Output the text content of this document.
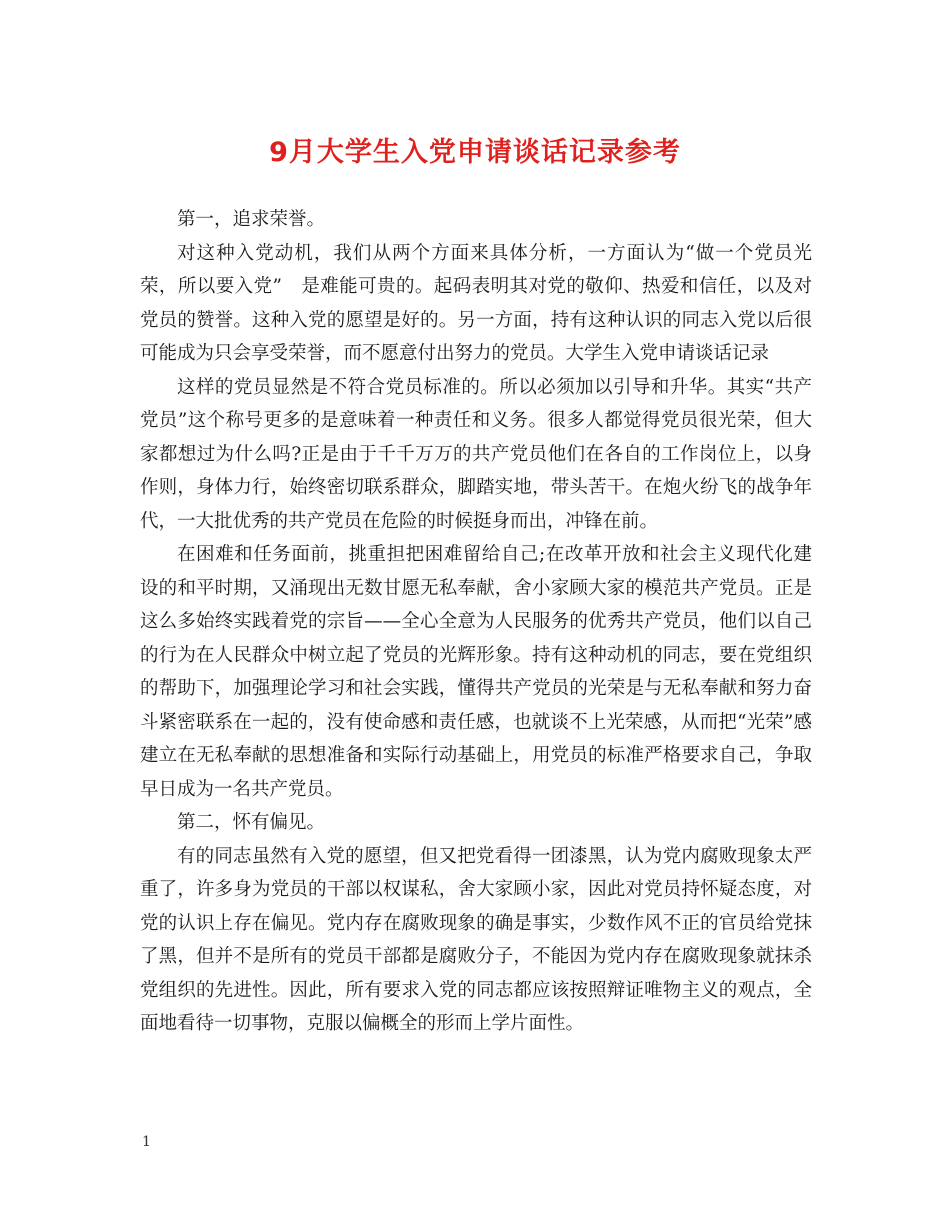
9月大学生入党申请谈话记录参考

第一，追求荣誉。

对这种入党动机，我们从两个方面来具体分析，一方面认为“做一个党员光荣，所以要入党”　是难能可贵的。起码表明其对党的敬仰、热爱和信任，以及对党员的赞誉。这种入党的愿望是好的。另一方面，持有这种认识的同志入党以后很可能成为只会享受荣誉，而不愿意付出努力的党员。大学生入党申请谈话记录

这样的党员显然是不符合党员标准的。所以必须加以引导和升华。其实“共产党员”这个称号更多的是意味着一种责任和义务。很多人都觉得党员很光荣，但大家都想过为什么吗?正是由于千千万万的共产党员他们在各自的工作岗位上，以身作则，身体力行，始终密切联系群众，脚踏实地，带头苦干。在炮火纷飞的战争年代，一大批优秀的共产党员在危险的时候挺身而出，冲锋在前。

在困难和任务面前，挑重担把困难留给自己;在改革开放和社会主义现代化建设的和平时期，又涌现出无数甘愿无私奉献，舍小家顾大家的模范共产党员。正是这么多始终实践着党的宗旨——全心全意为人民服务的优秀共产党员，他们以自己的行为在人民群众中树立起了党员的光辉形象。持有这种动机的同志，要在党组织的帮助下，加强理论学习和社会实践，懂得共产党员的光荣是与无私奉献和努力奋斗紧密联系在一起的，没有使命感和责任感，也就谈不上光荣感，从而把“光荣”感建立在无私奉献的思想准备和实际行动基础上，用党员的标准严格要求自己，争取早日成为一名共产党员。

第二，怀有偏见。

有的同志虽然有入党的愿望，但又把党看得一团漆黑，认为党内腐败现象太严重了，许多身为党员的干部以权谋私，舍大家顾小家，因此对党员持怀疑态度，对党的认识上存在偏见。党内存在腐败现象的确是事实，少数作风不正的官员给党抹了黑，但并不是所有的党员干部都是腐败分子，不能因为党内存在腐败现象就抹杀党组织的先进性。因此，所有要求入党的同志都应该按照辩证唯物主义的观点，全面地看待一切事物，克服以偏概全的形而上学片面性。

1
